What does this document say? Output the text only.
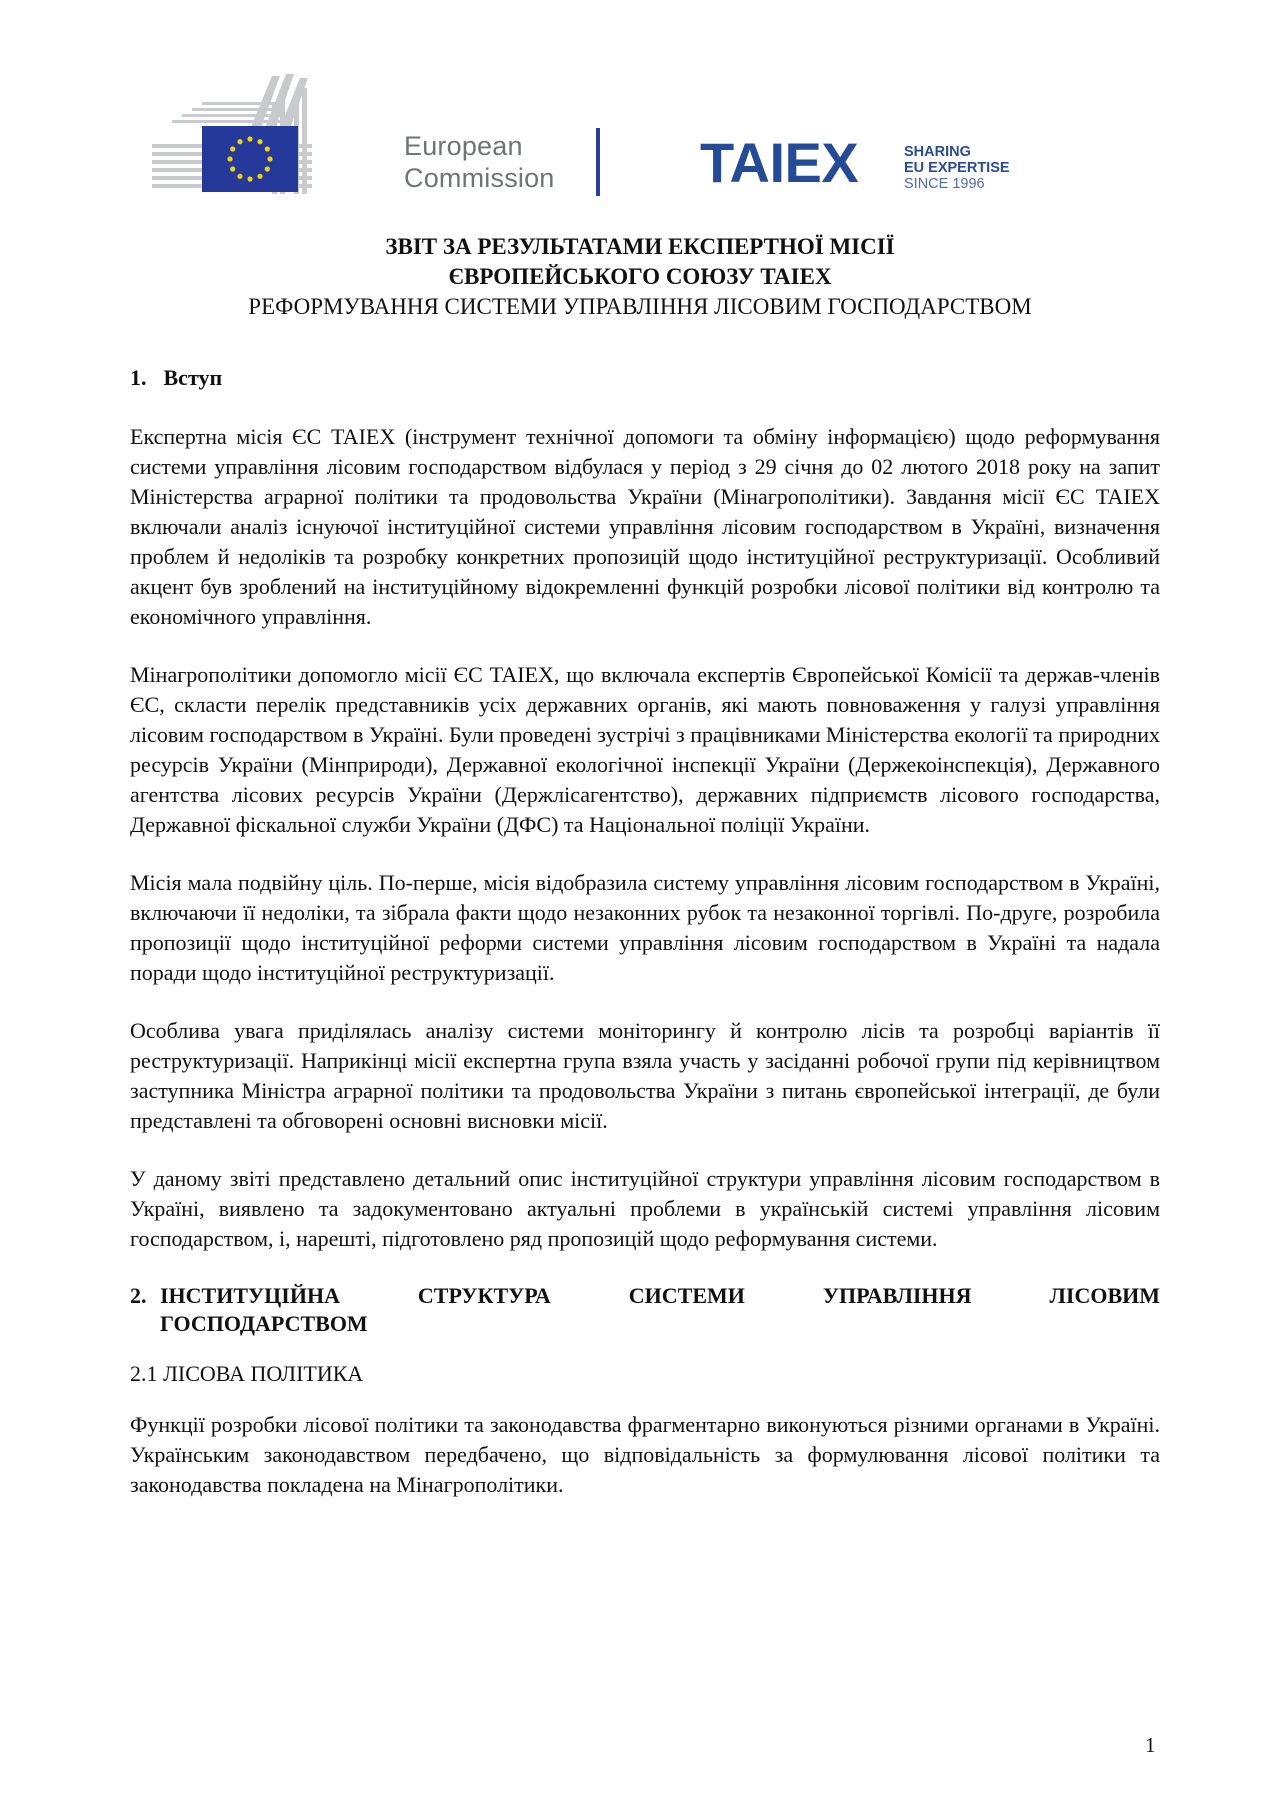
European
Commission	TAIEX	SHARING
EU EXPERTISE
SINCE 1996

ЗВІТ ЗА РЕЗУЛЬТАТАМИ ЕКСПЕРТНОЇ МІСІЇ

ЄВРОПЕЙСЬКОГО СОЮЗУ TAIEX

РЕФОРМУВАННЯ СИСТЕМИ УПРАВЛІННЯ ЛІСОВИМ ГОСПОДАРСТВОМ

1. Вступ

Експертна місія ЄС TAIEX (інструмент технічної допомоги та обміну інформацією) щодо реформування системи управління лісовим господарством відбулася у період з 29 січня до 02 лютого 2018 року на запит Міністерства аграрної політики та продовольства України (Мінагрополітики). Завдання місії ЄС TAIEX включали аналіз існуючої інституційної системи управління лісовим господарством в Україні, визначення проблем й недоліків та розробку конкретних пропозицій щодо інституційної реструктуризації. Особливий акцент був зроблений на інституційному відокремленні функцій розробки лісової політики від контролю та економічного управління.

Мінагрополітики допомогло місії ЄС TAIEX, що включала експертів Європейської Комісії та держав-членів ЄС, скласти перелік представників усіх державних органів, які мають повноваження у галузі управління лісовим господарством в Україні. Були проведені зустрічі з працівниками Міністерства екології та природних ресурсів України (Мінприроди), Державної екологічної інспекції України (Держекоінспекція), Державного агентства лісових ресурсів України (Держлісагентство), державних підприємств лісового господарства, Державної фіскальної служби України (ДФС) та Національної поліції України.

Місія мала подвійну ціль. По-перше, місія відобразила систему управління лісовим господарством в Україні, включаючи її недоліки, та зібрала факти щодо незаконних рубок та незаконної торгівлі. По-друге, розробила пропозиції щодо інституційної реформи системи управління лісовим господарством в Україні та надала поради щодо інституційної реструктуризації.

Особлива увага приділялась аналізу системи моніторингу й контролю лісів та розробці варіантів її реструктуризації. Наприкінці місії експертна група взяла участь у засіданні робочої групи під керівництвом заступника Міністра аграрної політики та продовольства України з питань європейської інтеграції, де були представлені та обговорені основні висновки місії.

У даному звіті представлено детальний опис інституційної структури управління лісовим господарством в Україні, виявлено та задокументовано актуальні проблеми в українській системі управління лісовим господарством, і, нарешті, підготовлено ряд пропозицій щодо реформування системи.

2. ІНСТИТУЦІЙНА СТРУКТУРА СИСТЕМИ УПРАВЛІННЯ ЛІСОВИМ
ГОСПОДАРСТВОМ

2.1 ЛІСОВА ПОЛІТИКА

Функції розробки лісової політики та законодавства фрагментарно виконуються різними органами в Україні. Українським законодавством передбачено, що відповідальність за формулювання лісової політики та законодавства покладена на Мінагрополітики.

1
